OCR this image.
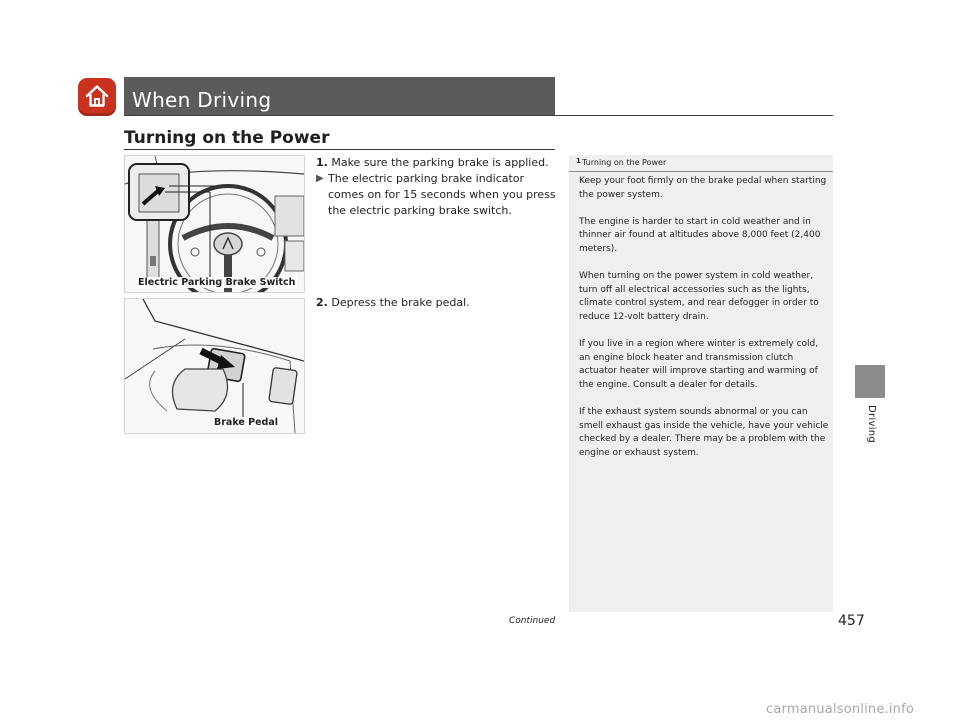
When Driving
Turning on the Power
Electric Parking Brake Switch
Brake Pedal
1. Make sure the parking brake is applied.
▶ The electric parking brake indicator
comes on for 15 seconds when you press
the electric parking brake switch.
2. Depress the brake pedal.
1 Turning on the Power

Keep your foot firmly on the brake pedal when starting the power system.

The engine is harder to start in cold weather and in thinner air found at altitudes above 8,000 feet (2,400 meters).

When turning on the power system in cold weather, turn off all electrical accessories such as the lights, climate control system, and rear defogger in order to reduce 12-volt battery drain.

If you live in a region where winter is extremely cold, an engine block heater and transmission clutch actuator heater will improve starting and warming of the engine. Consult a dealer for details.

If the exhaust system sounds abnormal or you can smell exhaust gas inside the vehicle, have your vehicle checked by a dealer. There may be a problem with the engine or exhaust system.

Driving
Continued	457
carmanualsonline.info
